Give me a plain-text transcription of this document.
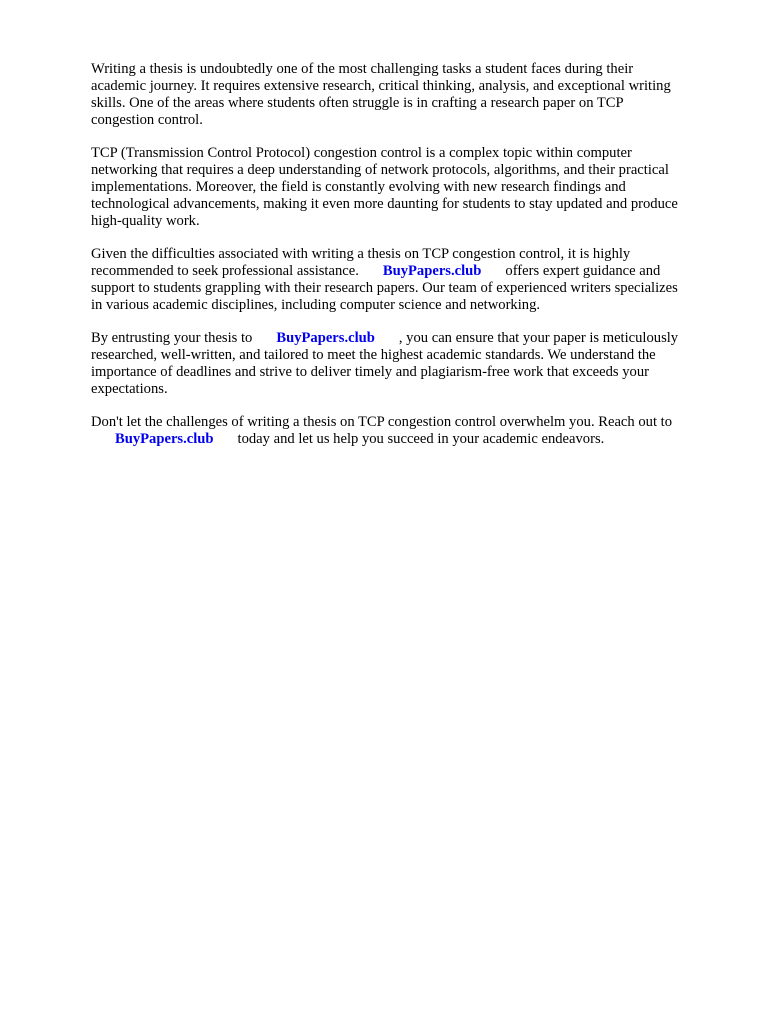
Writing a thesis is undoubtedly one of the most challenging tasks a student faces during their
academic journey. It requires extensive research, critical thinking, analysis, and exceptional writing
skills. One of the areas where students often struggle is in crafting a research paper on TCP
congestion control.

TCP (Transmission Control Protocol) congestion control is a complex topic within computer
networking that requires a deep understanding of network protocols, algorithms, and their practical
implementations. Moreover, the field is constantly evolving with new research findings and
technological advancements, making it even more daunting for students to stay updated and produce
high-quality work.

Given the difficulties associated with writing a thesis on TCP congestion control, it is highly
recommended to seek professional assistance. BuyPapers.club offers expert guidance and
support to students grappling with their research papers. Our team of experienced writers specializes
in various academic disciplines, including computer science and networking.

By entrusting your thesis to BuyPapers.club , you can ensure that your paper is meticulously
researched, well-written, and tailored to meet the highest academic standards. We understand the
importance of deadlines and strive to deliver timely and plagiarism-free work that exceeds your
expectations.

Don't let the challenges of writing a thesis on TCP congestion control overwhelm you. Reach out to
BuyPapers.club today and let us help you succeed in your academic endeavors.
